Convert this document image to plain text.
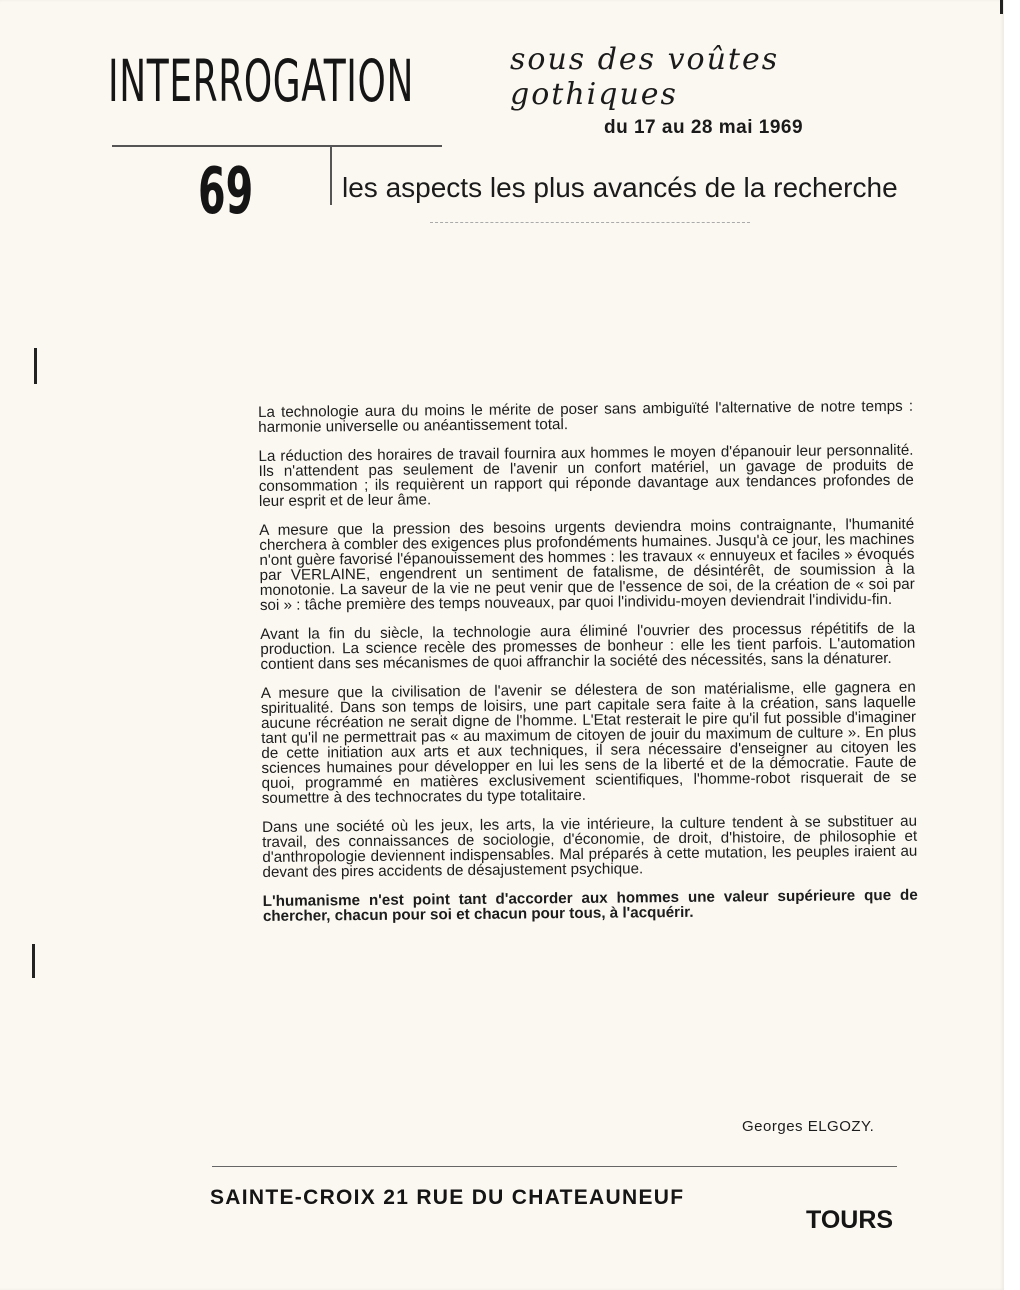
INTERROGATION	sous des voûtes gothiques
du 17 au 28 mai 1969
69	les aspects les plus avancés de la recherche

La technologie aura du moins le mérite de poser sans ambiguïté l'alternative de notre temps : harmonie universelle ou anéantissement total.

La réduction des horaires de travail fournira aux hommes le moyen d'épanouir leur personnalité. Ils n'attendent pas seulement de l'avenir un confort matériel, un gavage de produits de consommation ; ils requièrent un rapport qui réponde davantage aux tendances profondes de leur esprit et de leur âme.

A mesure que la pression des besoins urgents deviendra moins contraignante, l'humanité cherchera à combler des exigences plus profondéments humaines. Jusqu'à ce jour, les machines n'ont guère favorisé l'épanouissement des hommes : les travaux « ennuyeux et faciles » évoqués par VERLAINE, engendrent un sentiment de fatalisme, de désintérêt, de soumission à la monotonie. La saveur de la vie ne peut venir que de l'essence de soi, de la création de « soi par soi » : tâche première des temps nouveaux, par quoi l'individu-moyen deviendrait l'individu-fin.

Avant la fin du siècle, la technologie aura éliminé l'ouvrier des processus répétitifs de la production. La science recèle des promesses de bonheur : elle les tient parfois. L'automation contient dans ses mécanismes de quoi affranchir la société des nécessités, sans la dénaturer.

A mesure que la civilisation de l'avenir se délestera de son matérialisme, elle gagnera en spiritualité. Dans son temps de loisirs, une part capitale sera faite à la création, sans laquelle aucune récréation ne serait digne de l'homme. L'Etat resterait le pire qu'il fut possible d'imaginer tant qu'il ne permettrait pas « au maximum de citoyen de jouir du maximum de culture ». En plus de cette initiation aux arts et aux techniques, il sera nécessaire d'enseigner au citoyen les sciences humaines pour développer en lui les sens de la liberté et de la démocratie. Faute de quoi, programmé en matières exclusivement scientifiques, l'homme-robot risquerait de se soumettre à des technocrates du type totalitaire.

Dans une société où les jeux, les arts, la vie intérieure, la culture tendent à se substituer au travail, des connaissances de sociologie, d'économie, de droit, d'histoire, de philosophie et d'anthropologie deviennent indispensables. Mal préparés à cette mutation, les peuples iraient au devant des pires accidents de désajustement psychique.

L'humanisme n'est point tant d'accorder aux hommes une valeur supérieure que de chercher, chacun pour soi et chacun pour tous, à l'acquérir.

Georges ELGOZY.
SAINTE-CROIX 21 RUE DU CHATEAUNEUF
TOURS
